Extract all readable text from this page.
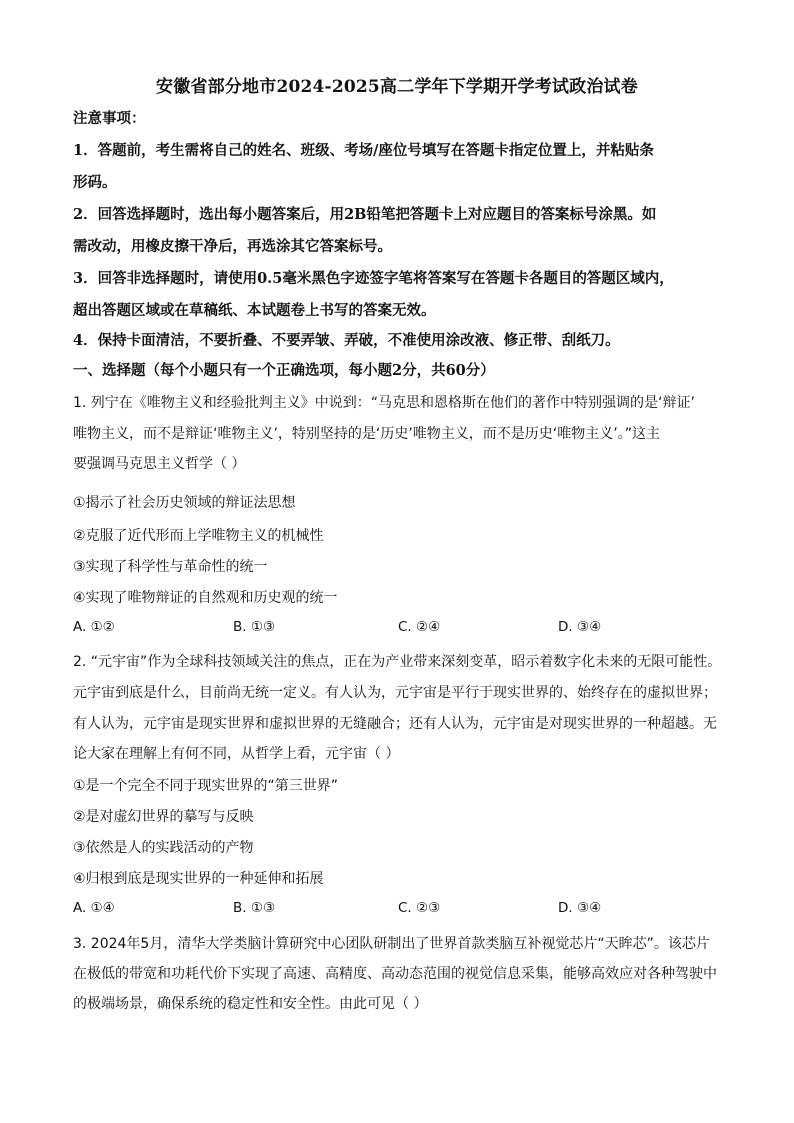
安徽省部分地市2024-2025高二学年下学期开学考试政治试卷
注意事项：
1．答题前，考生需将自己的姓名、班级、考场/座位号填写在答题卡指定位置上，并粘贴条
形码。
2．回答选择题时，选出每小题答案后，用2B铅笔把答题卡上对应题目的答案标号涂黑。如
需改动，用橡皮擦干净后，再选涂其它答案标号。
3．回答非选择题时，请使用0.5毫米黑色字迹签字笔将答案写在答题卡各题目的答题区域内，
超出答题区域或在草稿纸、本试题卷上书写的答案无效。
4．保持卡面清洁，不要折叠、不要弄皱、弄破，不准使用涂改液、修正带、刮纸刀。
一、选择题（每个小题只有一个正确选项，每小题2分，共60分）
1. 列宁在《唯物主义和经验批判主义》中说到：“马克思和恩格斯在他们的著作中特别强调的是‘辩证’
唯物主义，而不是辩证‘唯物主义’，特别坚持的是‘历史’唯物主义，而不是历史‘唯物主义’。”这主
要强调马克思主义哲学（ ）
①揭示了社会历史领域的辩证法思想
②克服了近代形而上学唯物主义的机械性
③实现了科学性与革命性的统一
④实现了唯物辩证的自然观和历史观的统一
A. ①②	B. ①③	C. ②④	D. ③④
2. “元宇宙”作为全球科技领域关注的焦点，正在为产业带来深刻变革，昭示着数字化未来的无限可能性。
元宇宙到底是什么，目前尚无统一定义。有人认为，元宇宙是平行于现实世界的、始终存在的虚拟世界；
有人认为，元宇宙是现实世界和虚拟世界的无缝融合；还有人认为，元宇宙是对现实世界的一种超越。无
论大家在理解上有何不同，从哲学上看，元宇宙（ ）
①是一个完全不同于现实世界的“第三世界”
②是对虚幻世界的摹写与反映
③依然是人的实践活动的产物
④归根到底是现实世界的一种延伸和拓展
A. ①④	B. ①③	C. ②③	D. ③④
3. 2024年5月，清华大学类脑计算研究中心团队研制出了世界首款类脑互补视觉芯片“天眸芯”。该芯片
在极低的带宽和功耗代价下实现了高速、高精度、高动态范围的视觉信息采集，能够高效应对各种驾驶中
的极端场景，确保系统的稳定性和安全性。由此可见（ ）
